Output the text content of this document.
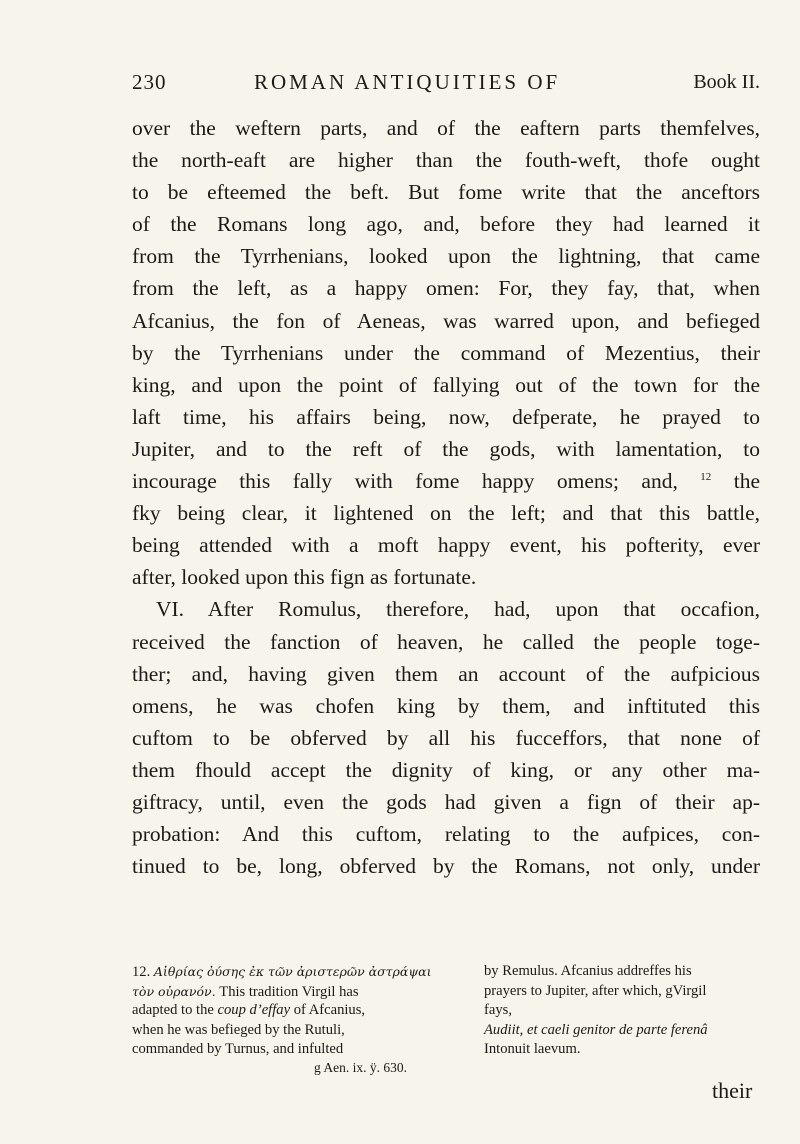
230	ROMAN ANTIQUITIES OF	Book II.
over the weftern parts, and of the eaftern parts themfelves,
the north-eaft are higher than the fouth-weft, thofe ought
to be efteemed the beft. But fome write that the anceftors
of the Romans long ago, and, before they had learned it
from the Tyrrhenians, looked upon the lightning, that came
from the left, as a happy omen: For, they fay, that, when
Afcanius, the fon of Aeneas, was warred upon, and befieged
by the Tyrrhenians under the command of Mezentius, their
king, and upon the point of fallying out of the town for the
laft time, his affairs being, now, defperate, he prayed to
Jupiter, and to the reft of the gods, with lamentation, to
incourage this fally with fome happy omens; and, $^{12}$ the
fky being clear, it lightened on the left; and that this battle,
being attended with a moft happy event, his pofterity, ever
after, looked upon this fign as fortunate.
VI. After Romulus, therefore, had, upon that occafion,
received the fanction of heaven, he called the people toge-
ther; and, having given them an account of the aufpicious
omens, he was chofen king by them, and inftituted this
cuftom to be obferved by all his fucceffors, that none of
them fhould accept the dignity of king, or any other ma-
giftracy, until, even the gods had given a fign of their ap-
probation: And this cuftom, relating to the aufpices, con-
tinued to be, long, obferved by the Romans, not only, under
12. Αἰθρίας ὀύσης ἐκ τῶν ἀριστερῶν ἀστράψαι
τὸν οὐρανόν. This tradition Virgil has
adapted to the coup d’effay of Afcanius,
when he was befieged by the Rutuli,
commanded by Turnus, and infulted
by Remulus. Afcanius addreffes his
prayers to Jupiter, after which, gVirgil
fays,
Audiit, et caeli genitor de parte ferenâ
Intonuit laevum.
g Aen. ix. ÿ. 630.
their
